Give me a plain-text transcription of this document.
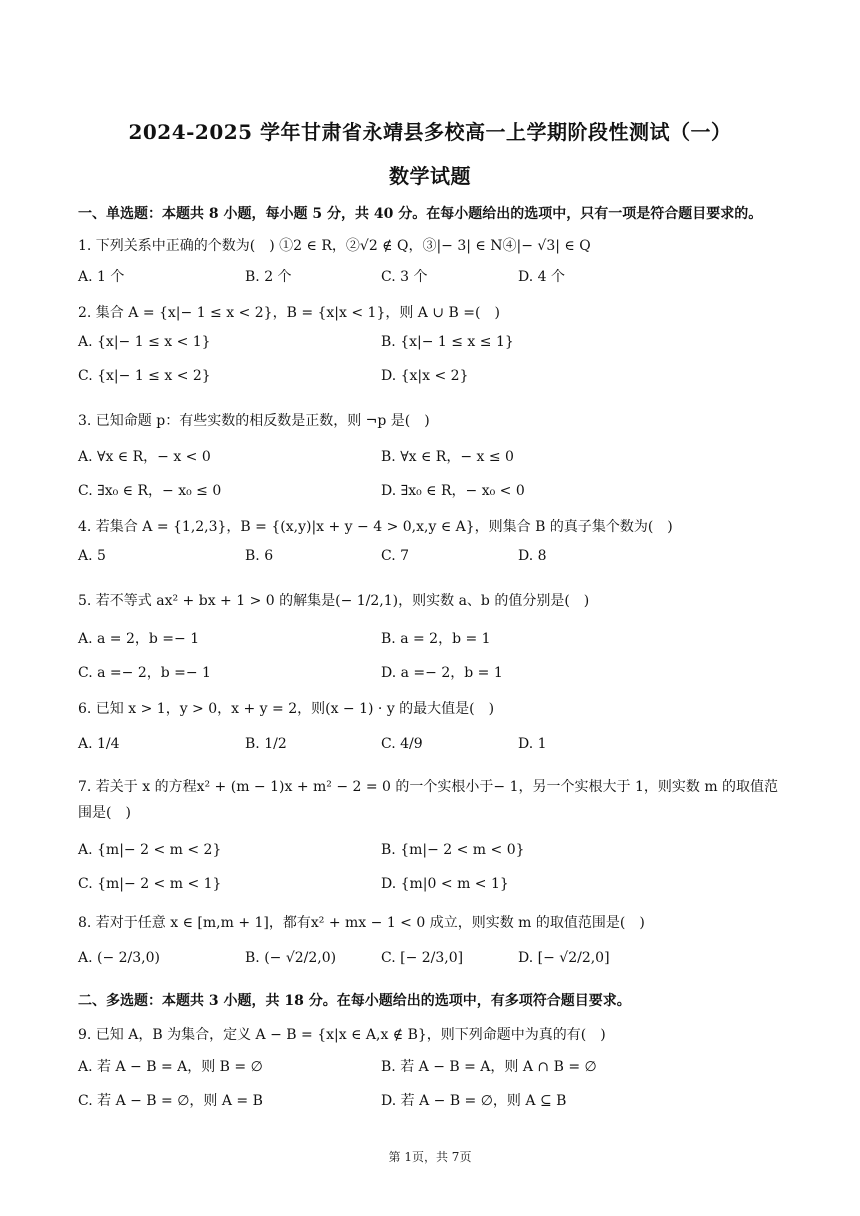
2024-2025 学年甘肃省永靖县多校高一上学期阶段性测试（一）
数学试题
一、单选题：本题共 8 小题，每小题 5 分，共 40 分。在每小题给出的选项中，只有一项是符合题目要求的。
1. 下列关系中正确的个数为(　) ①2 ∈ R，②√2 ∉ Q，③|− 3| ∈ N④|− √3| ∈ Q
A. 1 个	B. 2 个	C. 3 个	D. 4 个
2. 集合 A = {x|− 1 ≤ x < 2}，B = {x|x < 1}，则 A ∪ B =(　)
A. {x|− 1 ≤ x < 1}	B. {x|− 1 ≤ x ≤ 1}
C. {x|− 1 ≤ x < 2}	D. {x|x < 2}
3. 已知命题 p：有些实数的相反数是正数，则 ¬p 是(　)
A. ∀x ∈ R，− x < 0	B. ∀x ∈ R，− x ≤ 0
C. ∃x₀ ∈ R，− x₀ ≤ 0	D. ∃x₀ ∈ R，− x₀ < 0
4. 若集合 A = {1,2,3}，B = {(x,y)|x + y − 4 > 0,x,y ∈ A}，则集合 B 的真子集个数为(　)
A. 5	B. 6	C. 7	D. 8
5. 若不等式 ax² + bx + 1 > 0 的解集是(− 1/2,1)，则实数 a、b 的值分别是(　)
A. a = 2，b =− 1	B. a = 2，b = 1
C. a =− 2，b =− 1	D. a =− 2，b = 1
6. 已知 x > 1，y > 0，x + y = 2，则(x − 1) · y 的最大值是(　)
A. 1/4	B. 1/2	C. 4/9	D. 1
7. 若关于 x 的方程x² + (m − 1)x + m² − 2 = 0 的一个实根小于− 1，另一个实根大于 1，则实数 m 的取值范围是(　)
A. {m|− 2 < m < 2}	B. {m|− 2 < m < 0}
C. {m|− 2 < m < 1}	D. {m|0 < m < 1}
8. 若对于任意 x ∈ [m,m + 1]，都有x² + mx − 1 < 0 成立，则实数 m 的取值范围是(　)
A. (− 2/3,0)	B. (− √2/2,0)	C. [− 2/3,0]	D. [− √2/2,0]
二、多选题：本题共 3 小题，共 18 分。在每小题给出的选项中，有多项符合题目要求。
9. 已知 A，B 为集合，定义 A − B = {x|x ∈ A,x ∉ B}，则下列命题中为真的有(　)
A. 若 A − B = A，则 B = ∅	B. 若 A − B = A，则 A ∩ B = ∅
C. 若 A − B = ∅，则 A = B	D. 若 A − B = ∅，则 A ⊆ B
第 1页，共 7页
